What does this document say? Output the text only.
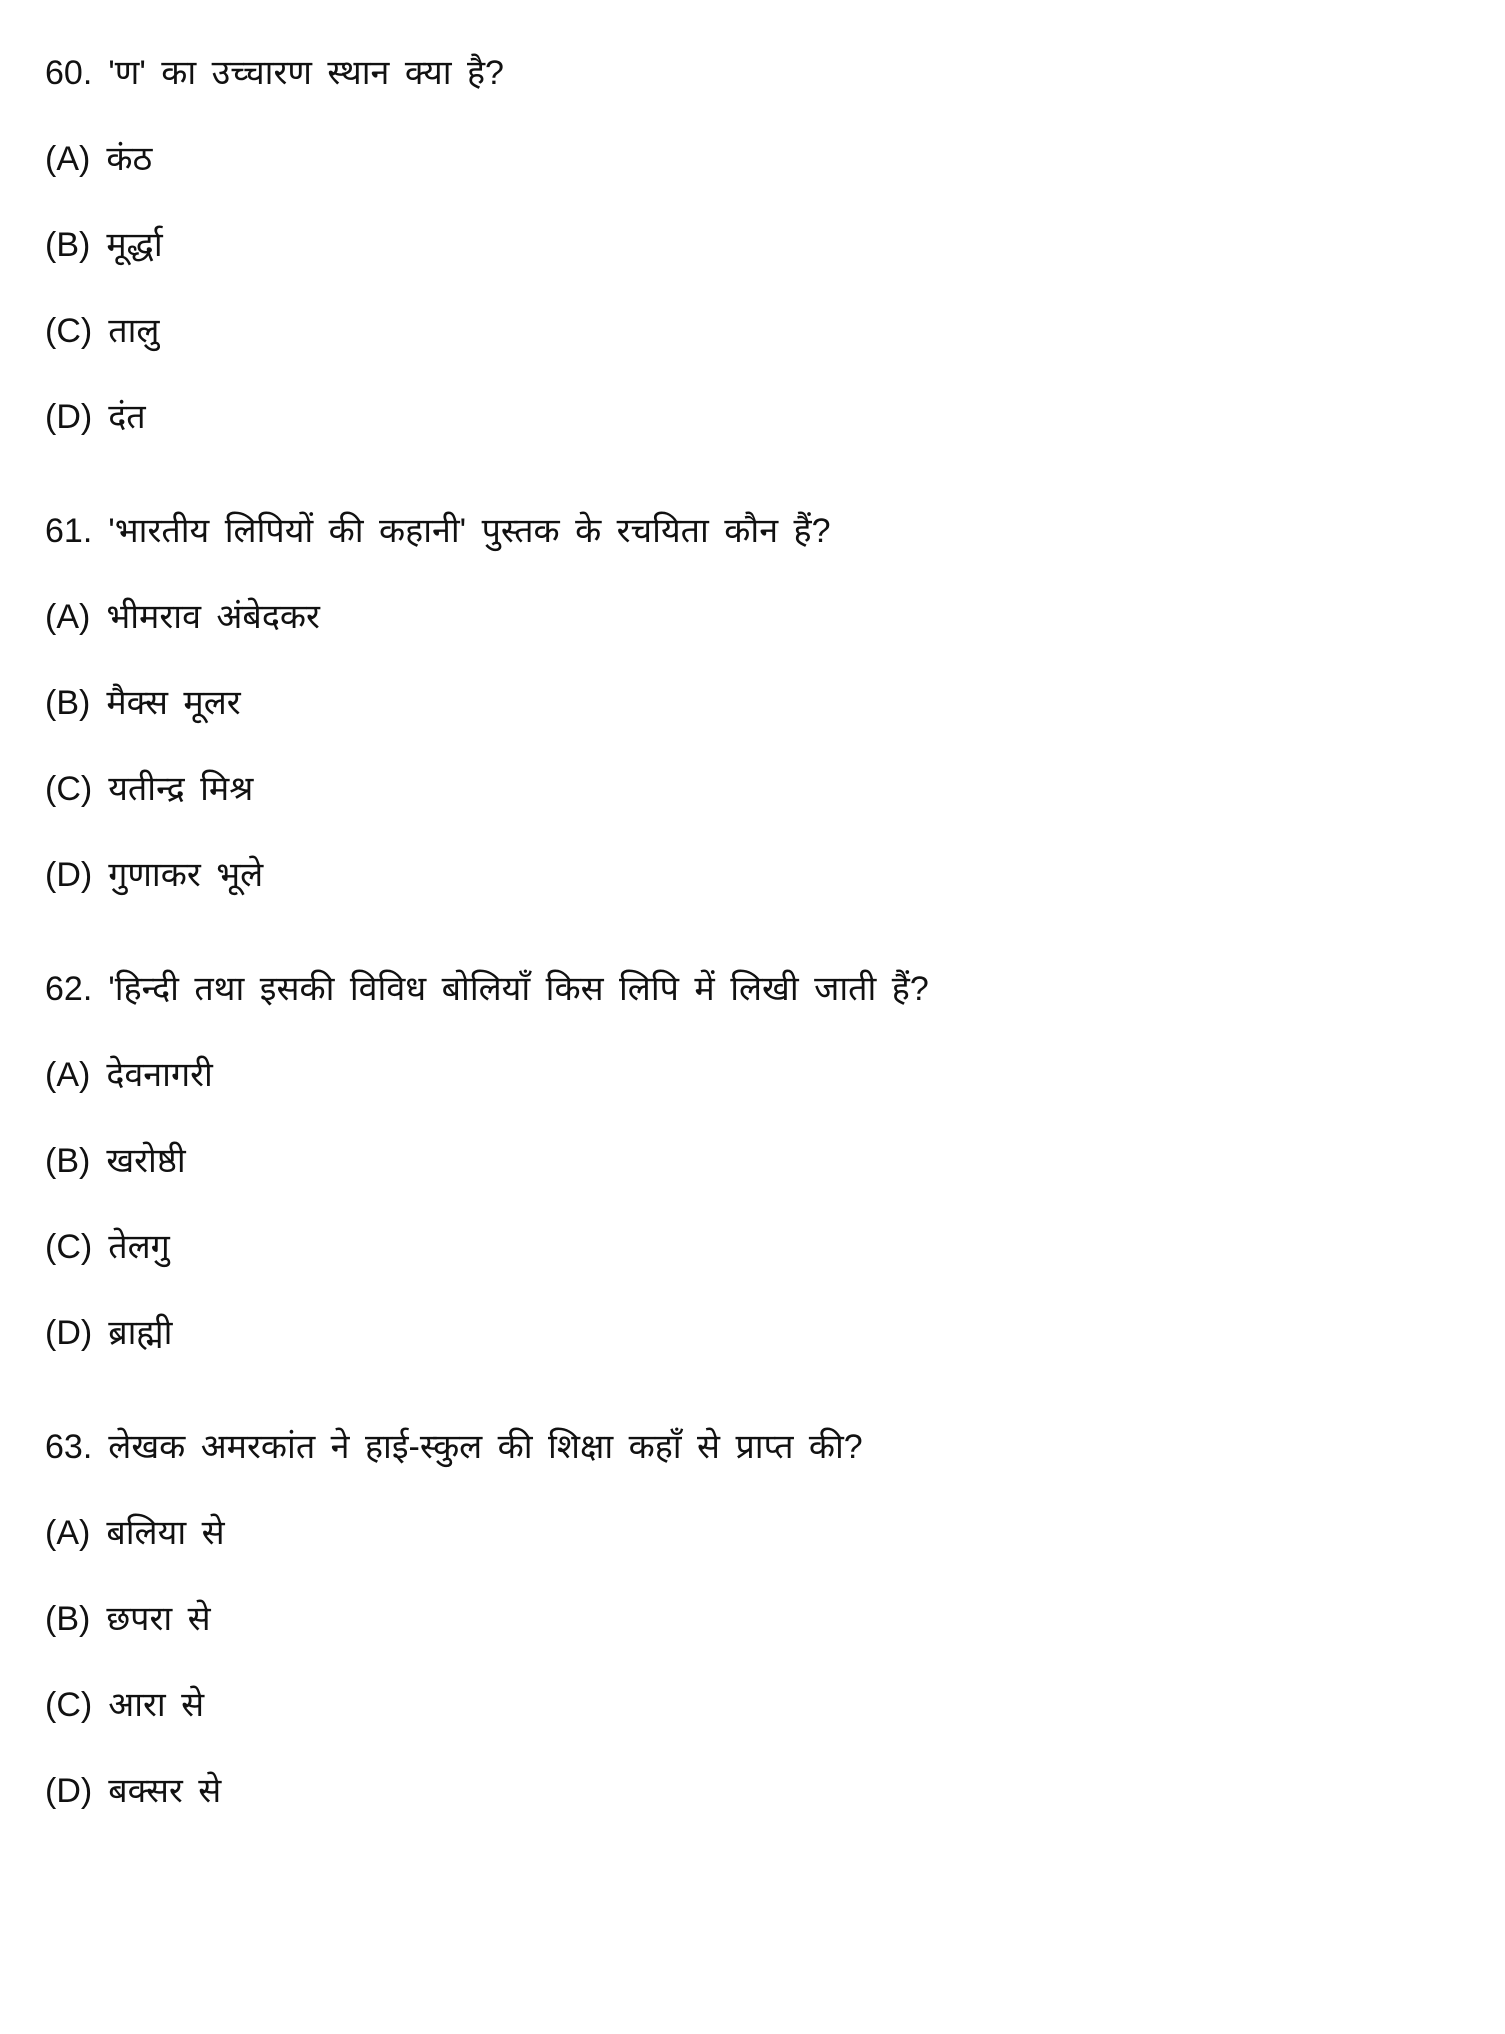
60. 'ण' का उच्चारण स्थान क्या है?
(A) कंठ
(B) मूर्द्धा
(C) तालु
(D) दंत
61. 'भारतीय लिपियों की कहानी' पुस्तक के रचयिता कौन हैं?
(A) भीमराव अंबेदकर
(B) मैक्स मूलर
(C) यतीन्द्र मिश्र
(D) गुणाकर भूले
62. 'हिन्दी तथा इसकी विविध बोलियाँ किस लिपि में लिखी जाती हैं?
(A) देवनागरी
(B) खरोष्ठी
(C) तेलगु
(D) ब्राह्मी
63. लेखक अमरकांत ने हाई-स्कुल की शिक्षा कहाँ से प्राप्त की?
(A) बलिया से
(B) छपरा से
(C) आरा से
(D) बक्सर से
